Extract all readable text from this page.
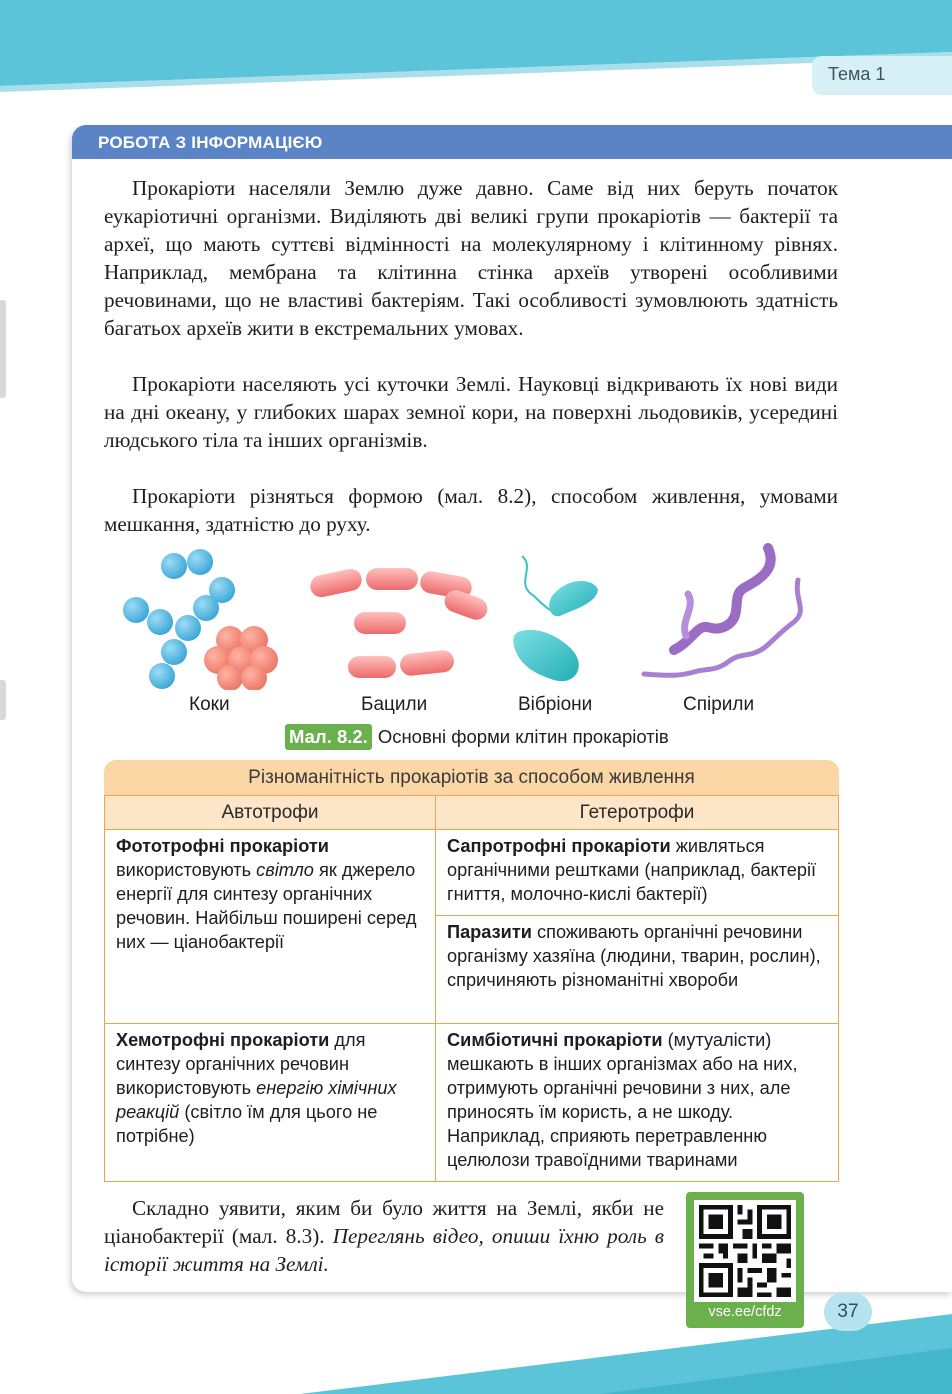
Тема 1
РОБОТА З ІНФОРМАЦІЄЮ
Прокаріоти населяли Землю дуже давно. Саме від них беруть початок еукаріотичні організми. Виділяють дві великі групи прокаріотів — бактерії та археї, що мають суттєві відмінності на молекулярному і клітинному рівнях. Наприклад, мембрана та клітинна стінка археїв утворені особливими речовинами, що не властиві бактеріям. Такі особливості зумовлюють здатність багатьох археїв жити в екстремальних умовах.
Прокаріоти населяють усі куточки Землі. Науковці відкривають їх нові види на дні океану, у глибоких шарах земної кори, на поверхні льодовиків, усередині людського тіла та інших організмів.
Прокаріоти різняться формою (мал. 8.2), способом живлення, умовами мешкання, здатністю до руху.
Коки	Бацили	Вібріони	Спірили
Мал. 8.2. Основні форми клітин прокаріотів
Різноманітність прокаріотів за способом живлення
Автотрофи	Гетеротрофи
Фототрофні прокаріоти використовують світло як джерело енергії для синтезу органічних речовин. Найбільш поширені серед них — ціанобактерії	Сапротрофні прокаріоти живляться органічними рештками (наприклад, бактерії гниття, молочно-кислі бактерії)
	Паразити споживають органічні речовини організму хазяїна (людини, тварин, рослин), спричиняють різноманітні хвороби
Хемотрофні прокаріоти для синтезу органічних речовин використовують енергію хімічних реакцій (світло їм для цього не потрібне)	Симбіотичні прокаріоти (мутуалісти) мешкають в інших організмах або на них, отримують органічні речовини з них, але приносять їм користь, а не шкоду. Наприклад, сприяють перетравленню целюлози травоїдними тваринами
Складно уявити, яким би було життя на Землі, якби не ціанобактерії (мал. 8.3). Переглянь відео, опиши їхню роль в історії життя на Землі.
vse.ee/cfdz	37
